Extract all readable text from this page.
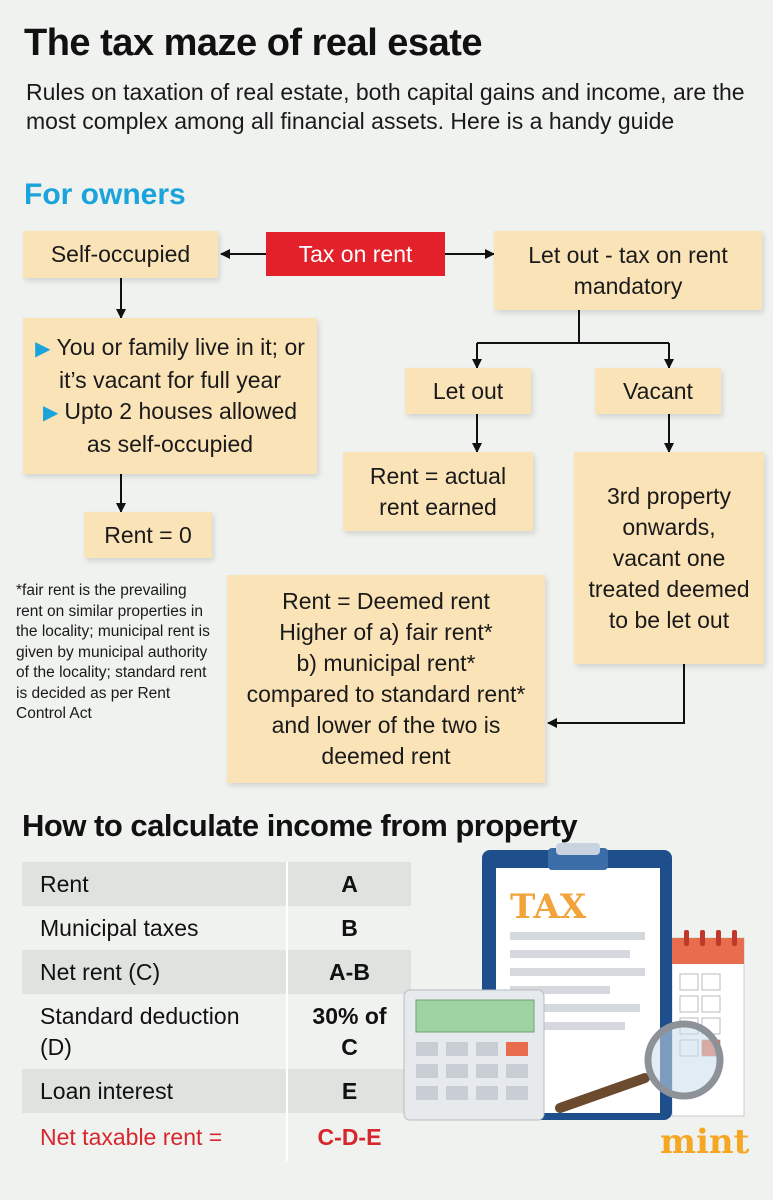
The tax maze of real esate
Rules on taxation of real estate, both capital gains and income, are the most complex among all financial assets. Here is a handy guide
For owners
Self-occupied	Tax on rent	Let out - tax on rent mandatory
▶ You or family live in it; or it’s vacant for full year
▶ Upto 2 houses allowed as self-occupied
Rent = 0
Let out	Vacant
Rent = actual rent earned	3rd property onwards, vacant one treated deemed to be let out
Rent = Deemed rent
Higher of a) fair rent*
b) municipal rent*
compared to standard rent* and lower of the two is deemed rent
*fair rent is the prevailing rent on similar properties in the locality; municipal rent is given by municipal authority of the locality; standard rent is decided as per Rent Control Act
How to calculate income from property
Rent	A
Municipal taxes	B
Net rent (C)	A-B
Standard deduction (D)	30% of C
Loan interest	E
Net taxable rent =	C-D-E
TAX
mint
